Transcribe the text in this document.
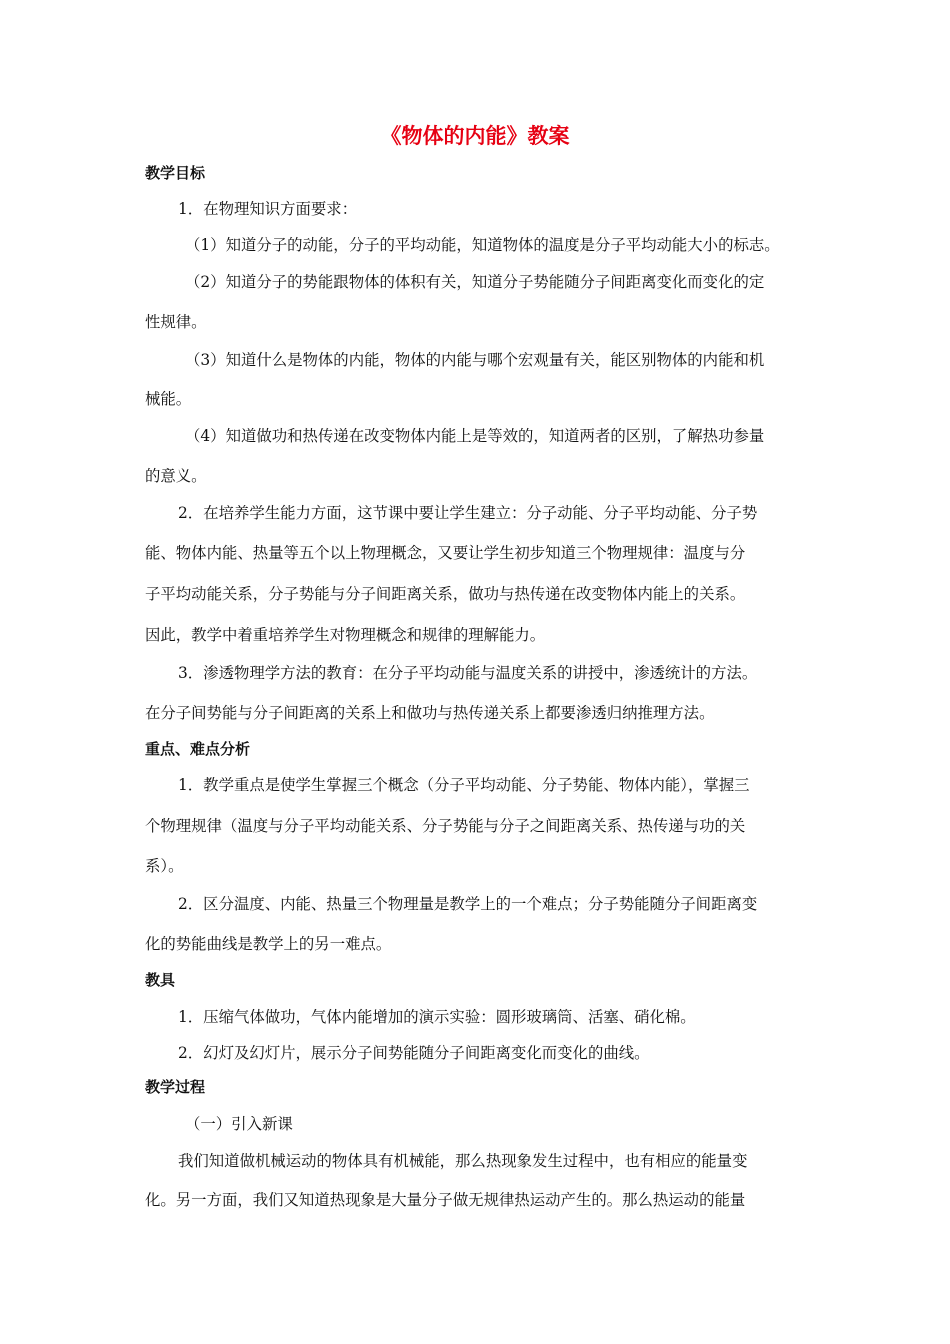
《物体的内能》教案
教学目标
1．在物理知识方面要求：
（1）知道分子的动能，分子的平均动能，知道物体的温度是分子平均动能大小的标志。
（2）知道分子的势能跟物体的体积有关，知道分子势能随分子间距离变化而变化的定
性规律。
（3）知道什么是物体的内能，物体的内能与哪个宏观量有关，能区别物体的内能和机
械能。
（4）知道做功和热传递在改变物体内能上是等效的，知道两者的区别，了解热功参量
的意义。
2．在培养学生能力方面，这节课中要让学生建立：分子动能、分子平均动能、分子势
能、物体内能、热量等五个以上物理概念，又要让学生初步知道三个物理规律：温度与分
子平均动能关系，分子势能与分子间距离关系，做功与热传递在改变物体内能上的关系。
因此，教学中着重培养学生对物理概念和规律的理解能力。
3．渗透物理学方法的教育：在分子平均动能与温度关系的讲授中，渗透统计的方法。
在分子间势能与分子间距离的关系上和做功与热传递关系上都要渗透归纳推理方法。
重点、难点分析
1．教学重点是使学生掌握三个概念（分子平均动能、分子势能、物体内能），掌握三
个物理规律（温度与分子平均动能关系、分子势能与分子之间距离关系、热传递与功的关
系）。
2．区分温度、内能、热量三个物理量是教学上的一个难点；分子势能随分子间距离变
化的势能曲线是教学上的另一难点。
教具
1．压缩气体做功，气体内能增加的演示实验：圆形玻璃筒、活塞、硝化棉。
2．幻灯及幻灯片，展示分子间势能随分子间距离变化而变化的曲线。
教学过程
（一）引入新课
我们知道做机械运动的物体具有机械能，那么热现象发生过程中，也有相应的能量变
化。另一方面，我们又知道热现象是大量分子做无规律热运动产生的。那么热运动的能量
